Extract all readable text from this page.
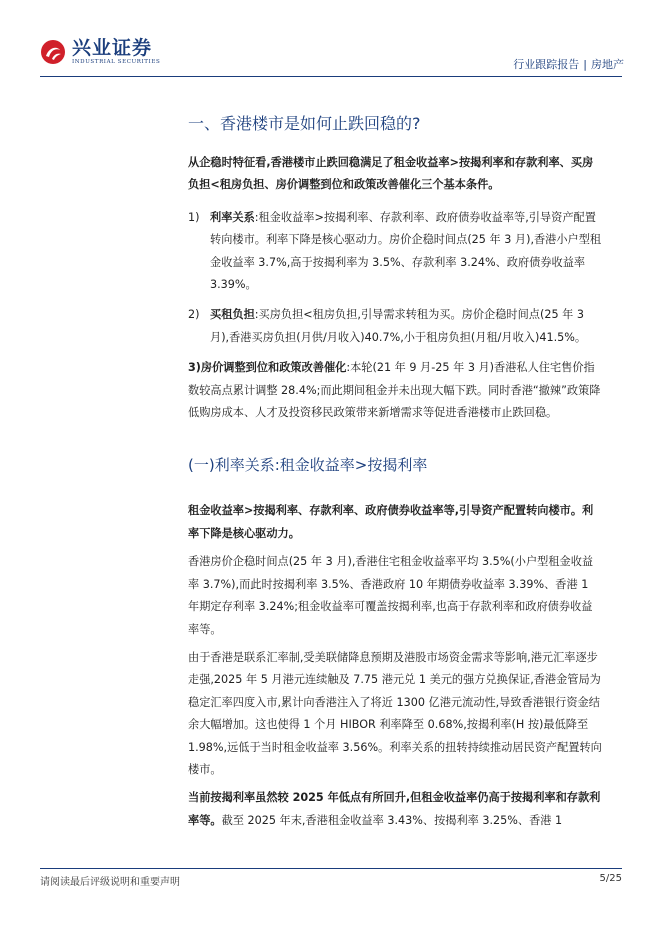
兴业证券
INDUSTRIAL SECURITIES	行业跟踪报告 | 房地产
一、香港楼市是如何止跌回稳的?

从企稳时特征看,香港楼市止跌回稳满足了租金收益率>按揭利率和存款利率、买房负担<租房负担、房价调整到位和政策改善催化三个基本条件。

1) 利率关系:租金收益率>按揭利率、存款利率、政府债券收益率等,引导资产配置转向楼市。利率下降是核心驱动力。房价企稳时间点(25 年 3 月),香港小户型租金收益率 3.7%,高于按揭利率为 3.5%、存款利率 3.24%、政府债券收益率 3.39%。

2) 买租负担:买房负担<租房负担,引导需求转租为买。房价企稳时间点(25 年 3 月),香港买房负担(月供/月收入)40.7%,小于租房负担(月租/月收入)41.5%。

3)房价调整到位和政策改善催化:本轮(21 年 9 月-25 年 3 月)香港私人住宅售价指数较高点累计调整 28.4%;而此期间租金并未出现大幅下跌。同时香港“撤辣”政策降低购房成本、人才及投资移民政策带来新增需求等促进香港楼市止跌回稳。

(一)利率关系:租金收益率>按揭利率

租金收益率>按揭利率、存款利率、政府债券收益率等,引导资产配置转向楼市。利率下降是核心驱动力。

香港房价企稳时间点(25 年 3 月),香港住宅租金收益率平均 3.5%(小户型租金收益率 3.7%),而此时按揭利率 3.5%、香港政府 10 年期债券收益率 3.39%、香港 1 年期定存利率 3.24%;租金收益率可覆盖按揭利率,也高于存款利率和政府债券收益率等。

由于香港是联系汇率制,受美联储降息预期及港股市场资金需求等影响,港元汇率逐步走强,2025 年 5 月港元连续触及 7.75 港元兑 1 美元的强方兑换保证,香港金管局为稳定汇率四度入市,累计向香港注入了将近 1300 亿港元流动性,导致香港银行资金结余大幅增加。这也使得 1 个月 HIBOR 利率降至 0.68%,按揭利率(H 按)最低降至 1.98%,远低于当时租金收益率 3.56%。利率关系的扭转持续推动居民资产配置转向楼市。

当前按揭利率虽然较 2025 年低点有所回升,但租金收益率仍高于按揭利率和存款利率等。截至 2025 年末,香港租金收益率 3.43%、按揭利率 3.25%、香港 1

请阅读最后评级说明和重要声明	5/25
